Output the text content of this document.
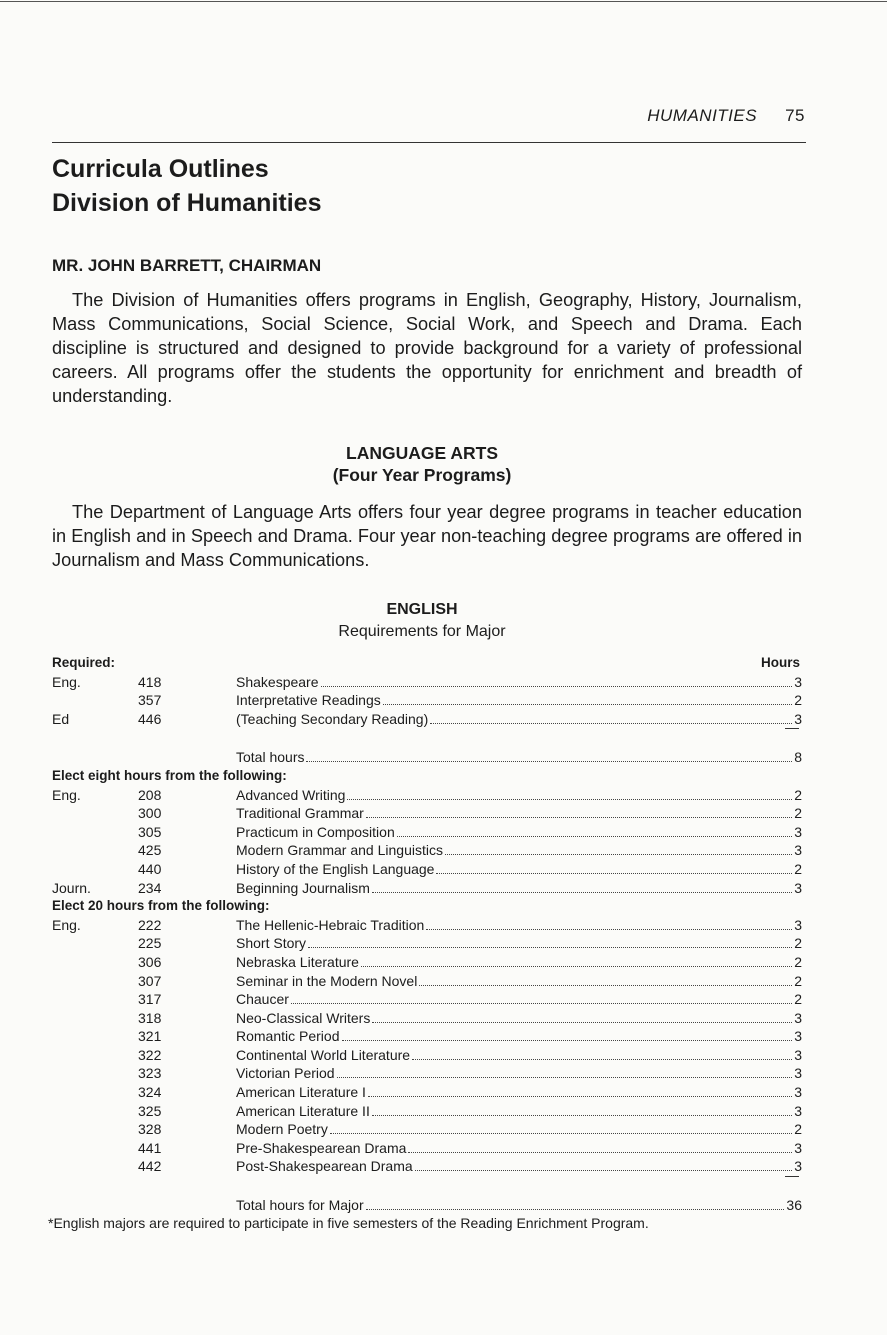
HUMANITIES 75
Curricula Outlines
Division of Humanities
MR. JOHN BARRETT, CHAIRMAN
The Division of Humanities offers programs in English, Geography, History, Journalism, Mass Communications, Social Science, Social Work, and Speech and Drama. Each discipline is structured and designed to provide background for a variety of professional careers. All programs offer the students the opportunity for enrichment and breadth of understanding.
LANGUAGE ARTS
(Four Year Programs)
The Department of Language Arts offers four year degree programs in teacher education in English and in Speech and Drama. Four year non-teaching degree programs are offered in Journalism and Mass Communications.
ENGLISH
Requirements for Major
Required:	Hours
Eng.	418	Shakespeare	3
357	Interpretative Readings	2
Ed	446	(Teaching Secondary Reading)	3
Total hours	8
Elect eight hours from the following:
Eng.	208	Advanced Writing	2
300	Traditional Grammar	2
305	Practicum in Composition	3
425	Modern Grammar and Linguistics	3
440	History of the English Language	2
Journ.	234	Beginning Journalism	3
Elect 20 hours from the following:
Eng.	222	The Hellenic-Hebraic Tradition	3
225	Short Story	2
306	Nebraska Literature	2
307	Seminar in the Modern Novel	2
317	Chaucer	2
318	Neo-Classical Writers	3
321	Romantic Period	3
322	Continental World Literature	3
323	Victorian Period	3
324	American Literature I	3
325	American Literature II	3
328	Modern Poetry	2
441	Pre-Shakespearean Drama	3
442	Post-Shakespearean Drama	3
Total hours for Major	36
*English majors are required to participate in five semesters of the Reading Enrichment Program.
